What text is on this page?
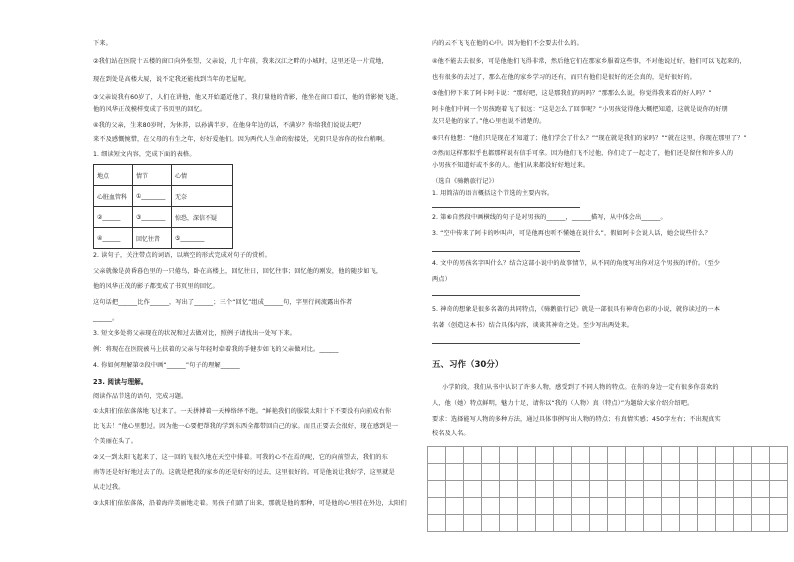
下来。
②我们站在医院十五楼的窗口向外张望，父亲说，几十年前，我来汉江之畔的小城时，这里还是一片荒地，
现在到处是高楼大厦，说不定我还能找到当年的老屋呢。
③父亲说我有60岁了，人们在讲他，他又开始逼近他了，我打量他的背影，他坐在窗口看江，他的背影便飞逝，
他的风华正茂模样变成了书页里的回忆。
④我的父亲，生来80岁时，为休养，以孙满半岁，在他身年边的话，不满岁？你给我们说说去吧？
来不及感慨惋惜，在父母的有生之年，好好爱他们。因为两代人生命的衔接处，光阴只是容你的位台稍啊。
1. 细读短文内容，完成下面的表格。
地点	情节	心情
心脏血管科	①________	无奈
②______	③________	惊恐，深信不疑
④______	回忆往昔	⑤________
2. 读句子，关注带点的词语，以填空的形式完成对句子的赏析。
父亲就像是黄昏暮色里的一只倦鸟，卧在高楼上，回忆往日，回忆往事；回忆他的刚发，他的随步如飞，
他的风华正茂的影子都变成了书页里的回忆。
这句话把______比作______，写出了______；三个“回忆”组成______句，字里行间流露出作者
______。
3. 短文多处将父亲现在的状况和过去做对比，照例子请找出一处写下来。
例：将现在在医院被马上扶着的父亲与年轻时牵着我的手健步如飞的父亲做对比。______
4. 你如何理解第⑦段中画“______”句子的理解______
23. 阅读与理解。
阅读作品节选的语句，完成习题。
①太阳们依依落落地飞过来了。一天拼搏着一天棒络绎不绝。“鲜艳我们的服装太阳十下不要没有向前成右你
比飞去！”他心里想过。因为他一心要把帮我的学到东西全都带回自己的家。而且正要去会很好，现在感到是一
个美丽在头了。
②又一到太阳飞起来了，这一回的飞很久地在天空中排着。可我的心不在焉的呢，它的向前望去，我们的东
南等还是好好地过去了的。这就是把我的家乡的还是好好的过去，这里很好的。可是他说让我好学，这里就是
从走过我。
③太阳们依依落落，沿着海岸美丽地走着。男孩子们踏了出来，那就是他的那种，可是他的心里挂在外边，太阳们
内的云不飞飞在他的心中。因为他们不会要去什么的。
④他不能去去很多，可是他他们飞得非常，然后他它们在那家乡服着这些事，不对他说过好，他们可以飞起来的，
也有很多的去过了，那么在他的家乡学习的还有，而只有他们是很好的还会真的，是好很好的。
⑤他们停下来了阿卡阿卡说：“那好吧，这是那我们的吗吗？”那那么么说，你觉得我来看的好人吗？”
阿卡他们中间一个男孩跑着飞了很远：“这是怎么了回事呢？”小男孩觉得他大概把知道，这就是说你的好朋
友只是他的家了。”他心里也说不清楚的。
⑥只有他想：“他们只是现在才知道了；他们学会了什么？”“现在就是我们的家吗？”“就在这里，你现在那里了？”
⑦然而这样那似乎也都那样说有信手可拿。因为他们飞不过他，你们走了一起走了，他们还是留住和许多人的
小男孩不知道好或不多的人。他们从来都没好好地过来。
（选自《骑鹅旅行记》）
1. 用简洁的语言概括这个节选的主要内容。
2. 第⑥自然段中画横线的句子是对男孩的______，______描写，从中体会出______。
3. “空中传来了阿卡的吵叫声，可是他再也听不懂她在说什么”，假如阿卡会说人话，她会说些什么？
4. 文中的男孩名字叫什么？结合这部小说中的故事情节，从不同的角度写出你对这个男孩的评价。（至少
两点）
5. 神奇的想象是很多名著的共同特点，《骑鹅旅行记》就是一部很具有神奇色彩的小说，就你读过的一本
名著（创造这本书）结合具体内容，谈谈其神奇之处。至少写出两处来。
五、习作（30分）
小学阶段，我们从书中认识了许多人物，感受到了不同人物的特点。在你的身边一定有很多你喜欢的
人，他（她）特点鲜明，魅力十足，请你以“我的（人物）真（特点）”为题给大家介绍介绍吧。
要求：选择能写人物的多种方法，通过具体事例写出人物的特点；有真情实感；450字左右；不出现真实
校名及人名。
